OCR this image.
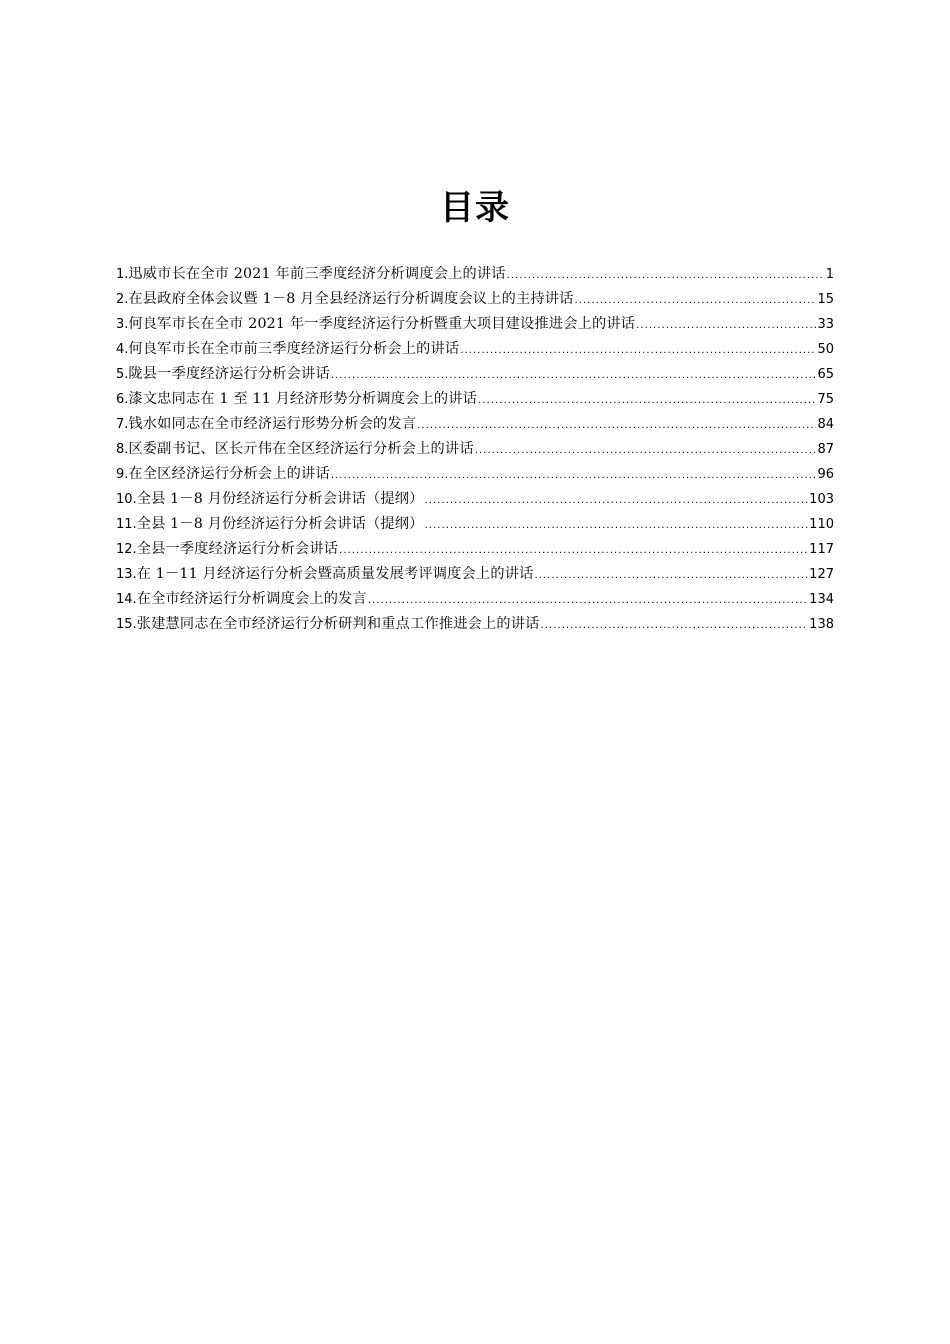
目录
1. 迅威市长在全市 2021 年前三季度经济分析调度会上的讲话 .....	1
2. 在县政府全体会议暨 1－8 月全县经济运行分析调度会议上的主持讲话 .....	15
3. 何良军市长在全市 2021 年一季度经济运行分析暨重大项目建设推进会上的讲话 .....	33
4. 何良军市长在全市前三季度经济运行分析会上的讲话 .....	50
5. 陇县一季度经济运行分析会讲话 .....	65
6. 漆文忠同志在 1 至 11 月经济形势分析调度会上的讲话 .....	75
7. 钱水如同志在全市经济运行形势分析会的发言 .....	84
8. 区委副书记、区长亓伟在全区经济运行分析会上的讲话 .....	87
9. 在全区经济运行分析会上的讲话 .....	96
10. 全县 1－8 月份经济运行分析会讲话（提纲） .....	103
11. 全县 1－8 月份经济运行分析会讲话（提纲） .....	110
12. 全县一季度经济运行分析会讲话 .....	117
13. 在 1－11 月经济运行分析会暨高质量发展考评调度会上的讲话 .....	127
14. 在全市经济运行分析调度会上的发言 .....	134
15. 张建慧同志在全市经济运行分析研判和重点工作推进会上的讲话 .....	138
